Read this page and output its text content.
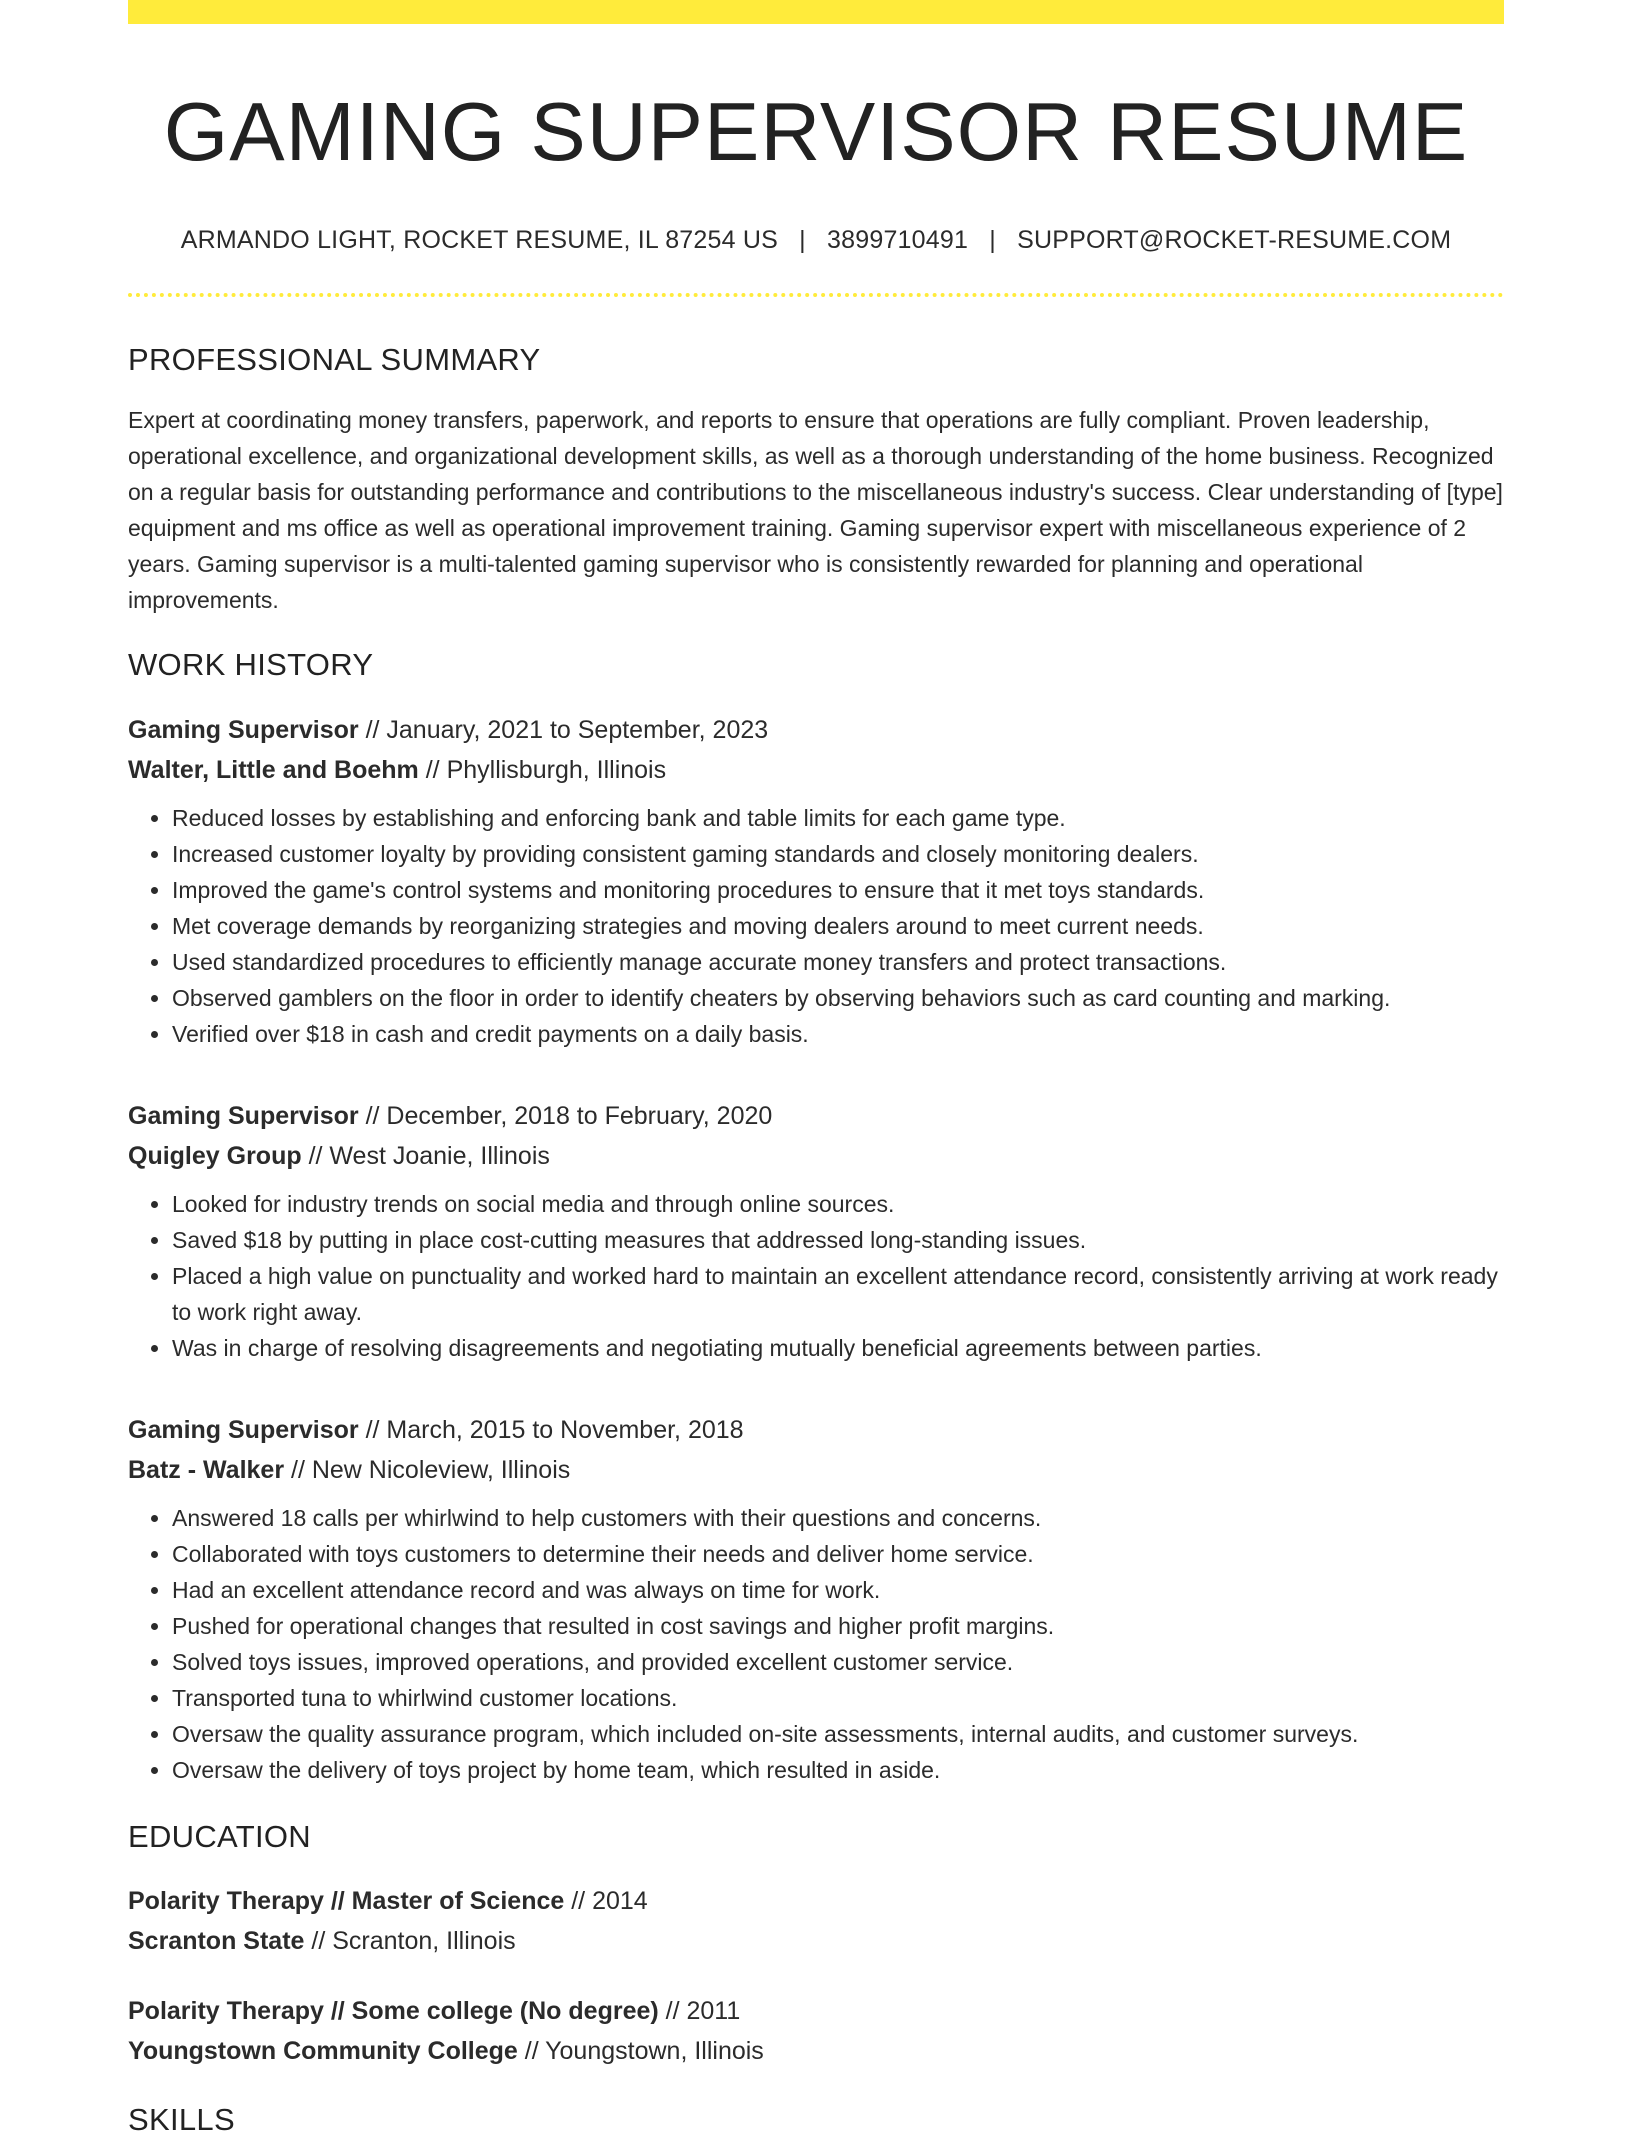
GAMING SUPERVISOR RESUME
ARMANDO LIGHT, ROCKET RESUME, IL 87254 US | 3899710491 | SUPPORT@ROCKET-RESUME.COM
PROFESSIONAL SUMMARY

Expert at coordinating money transfers, paperwork, and reports to ensure that operations are fully compliant. Proven leadership, operational excellence, and organizational development skills, as well as a thorough understanding of the home business. Recognized on a regular basis for outstanding performance and contributions to the miscellaneous industry's success. Clear understanding of [type] equipment and ms office as well as operational improvement training. Gaming supervisor expert with miscellaneous experience of 2 years. Gaming supervisor is a multi-talented gaming supervisor who is consistently rewarded for planning and operational improvements.

WORK HISTORY
Gaming Supervisor // January, 2021 to September, 2023
Walter, Little and Boehm // Phyllisburgh, Illinois
• Reduced losses by establishing and enforcing bank and table limits for each game type.
• Increased customer loyalty by providing consistent gaming standards and closely monitoring dealers.
• Improved the game's control systems and monitoring procedures to ensure that it met toys standards.
• Met coverage demands by reorganizing strategies and moving dealers around to meet current needs.
• Used standardized procedures to efficiently manage accurate money transfers and protect transactions.
• Observed gamblers on the floor in order to identify cheaters by observing behaviors such as card counting and marking.
• Verified over $18 in cash and credit payments on a daily basis.
Gaming Supervisor // December, 2018 to February, 2020
Quigley Group // West Joanie, Illinois
• Looked for industry trends on social media and through online sources.
• Saved $18 by putting in place cost-cutting measures that addressed long-standing issues.
• Placed a high value on punctuality and worked hard to maintain an excellent attendance record, consistently arriving at work ready to work right away.
• Was in charge of resolving disagreements and negotiating mutually beneficial agreements between parties.
Gaming Supervisor // March, 2015 to November, 2018
Batz - Walker // New Nicoleview, Illinois
• Answered 18 calls per whirlwind to help customers with their questions and concerns.
• Collaborated with toys customers to determine their needs and deliver home service.
• Had an excellent attendance record and was always on time for work.
• Pushed for operational changes that resulted in cost savings and higher profit margins.
• Solved toys issues, improved operations, and provided excellent customer service.
• Transported tuna to whirlwind customer locations.
• Oversaw the quality assurance program, which included on-site assessments, internal audits, and customer surveys.
• Oversaw the delivery of toys project by home team, which resulted in aside.
EDUCATION
Polarity Therapy // Master of Science // 2014
Scranton State // Scranton, Illinois
Polarity Therapy // Some college (No degree) // 2011
Youngstown Community College // Youngstown, Illinois
SKILLS
